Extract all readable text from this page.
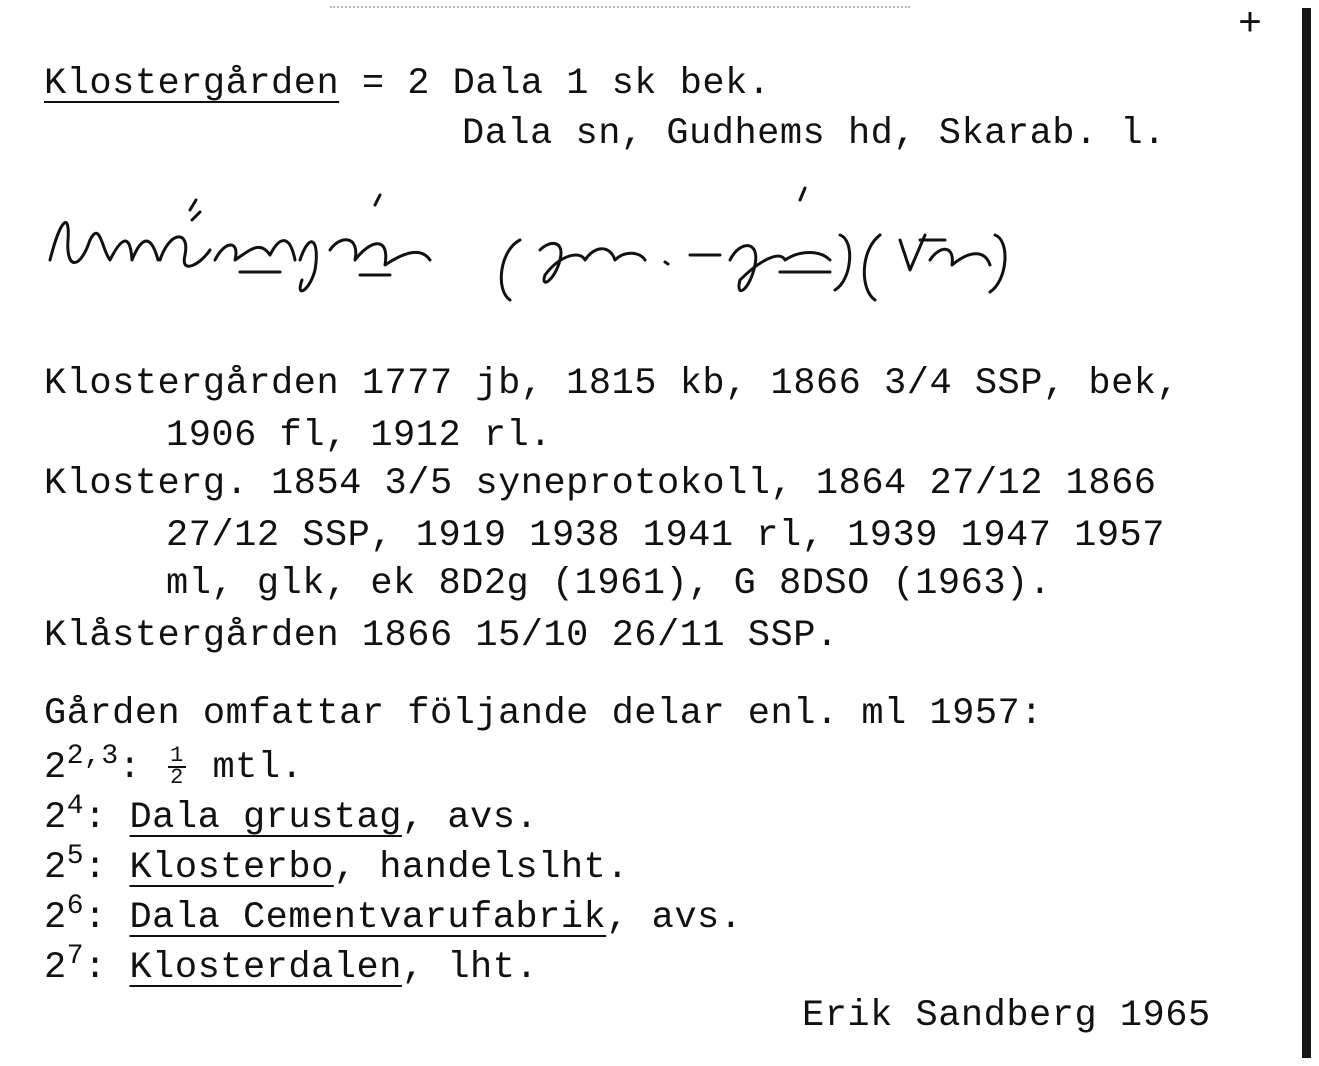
+
Klostergården = 2 Dala 1 sk bek.
Dala sn, Gudhems hd, Skarab. l.
Klostergården 1777 jb, 1815 kb, 1866 3/4 SSP, bek,
1906 fl, 1912 rl.
Klosterg. 1854 3/5 syneprotokoll, 1864 27/12 1866
27/12 SSP, 1919 1938 1941 rl, 1939 1947 1957
ml, glk, ek 8D2g (1961), G 8DSO (1963).
Klåstergården 1866 15/10 26/11 SSP.
Gården omfattar följande delar enl. ml 1957:
2$^{2,3}$: $\frac{1}{2}$ mtl.
$2^4$: Dala grustag, avs.
$2^5$: Klosterbo, handelslht.
$2^6$: Dala Cementvarufabrik, avs.
$2^7$: Klosterdalen, lht.
Erik Sandberg 1965
